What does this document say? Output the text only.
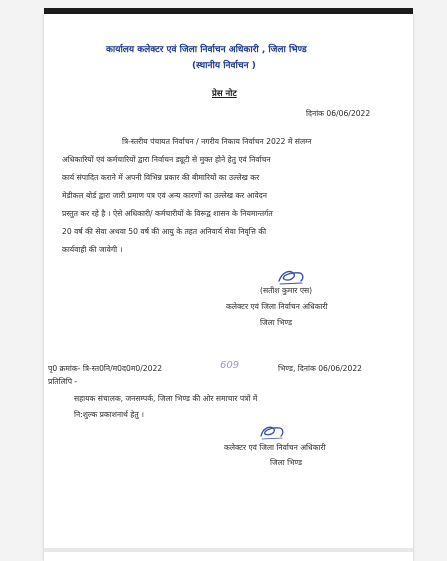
कार्यालय कलेक्टर एवं जिला निर्वाचन अधिकारी , जिला भिण्ड
(स्थानीय निर्वाचन )
प्रेस नोट
दिनांक 06/06/2022
त्रि-स्तरीय पंचायत निर्वाचन / नगरीय निकाय निर्वाचन 2022 में संलग्न
अधिकारियों एवं कर्मचारियों द्वारा निर्वाचन ड्यूटी से मुक्त होने हेतु एवं निर्वाचन
कार्य संपादित कराने में अपनी विभिन्न प्रकार की बीमारियों का उल्लेख कर
मेडीकल बोर्ड द्वारा जारी प्रमाण पत्र एवं अन्य कारणों का उल्लेख कर आवेदन
प्रस्तुत कर रहे है । ऐसे अधिकारी/ कर्मचारीयों के विरूद्व शासन के नियमान्तर्गत
20 वर्ष की सेवा अथवा 50 वर्ष की आयु के तहत अनिवार्य सेवा निवृत्ति की
कार्यवाही की जावेगी ।
(सतीश कुमार एस)
कलेक्टर एवं जिला निर्वाचन अधिकारी
जिला भिण्ड
पृ0 क्रमांक- त्रि-स्त0नि/म0द0म0/2022	609	भिण्ड, दिनांक 06/06/2022
प्रतिलिपि -
सहायक संचालक, जनसम्पर्क, जिला भिण्ड की ओर समाचार पत्रों में
नि:शुल्क प्रकाशनार्थ हेतु ।
कलेक्टर एवं जिला निर्वाचन अधिकारी
जिला भिण्ड
